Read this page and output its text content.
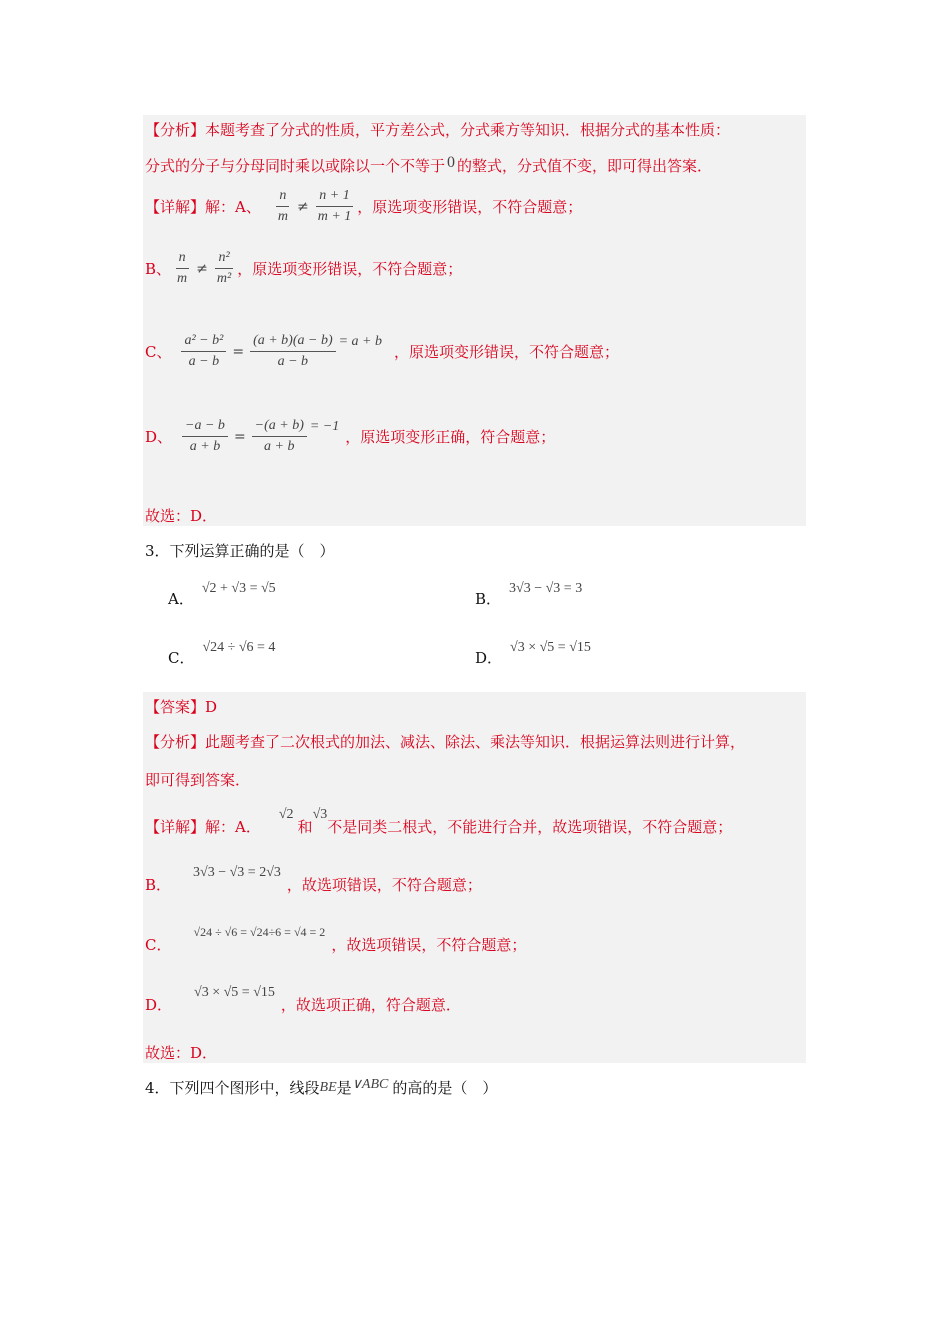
【分析】 本题考查了分式的性质，平方差公式，分式乘方等知识．根据分式的基本性质：
分式的分子与分母同时乘以或除以一个不等于 0 的整式，分式值不变，即可得出答案．
【详解】 解：A、 $\frac{n}{m} \ne \frac{n + 1}{m + 1}$ ，原选项变形错误，不符合题意；
B、 $\frac{n}{m} \ne \frac{\text{n²}}{\text{m²}}$ ，原选项变形错误，不符合题意；
C、 $\frac{\text{a² − b²}}{a - b} = \frac{(a + b)(a - b)}{a - b} = a + b$
，原选项变形错误，不符合题意；
D、 $\frac{-a - b}{a + b} = \frac{-(a + b)}{a + b} = -1$
，原选项变形正确，符合题意；
故选：D．
3．下列运算正确的是（　）
A．
√2 + √3 = √5
B．
3√3 − √3 = 3
C．
√24 ÷ √6 = 4
D．
√3 × √5 = √15
【答案】 D
【分析】 此题考查了二次根式的加法、减法、除法、乘法等知识．根据运算法则进行计算，
即可得到答案．
【详解】 解：A．
√2
和
√3
不是同类二根式，不能进行合并，故选项错误，不符合题意；
B．
3√3 − √3 = 2√3
，故选项错误，不符合题意；
C．
√24 ÷ √6 = √24÷6 = √4 = 2
，故选项错误，不符合题意；
D．
√3 × √5 = √15
，故选项正确，符合题意．
故选：D．
4．下列四个图形中，线段 BE 是 ∨ABC 的高的是（　）
